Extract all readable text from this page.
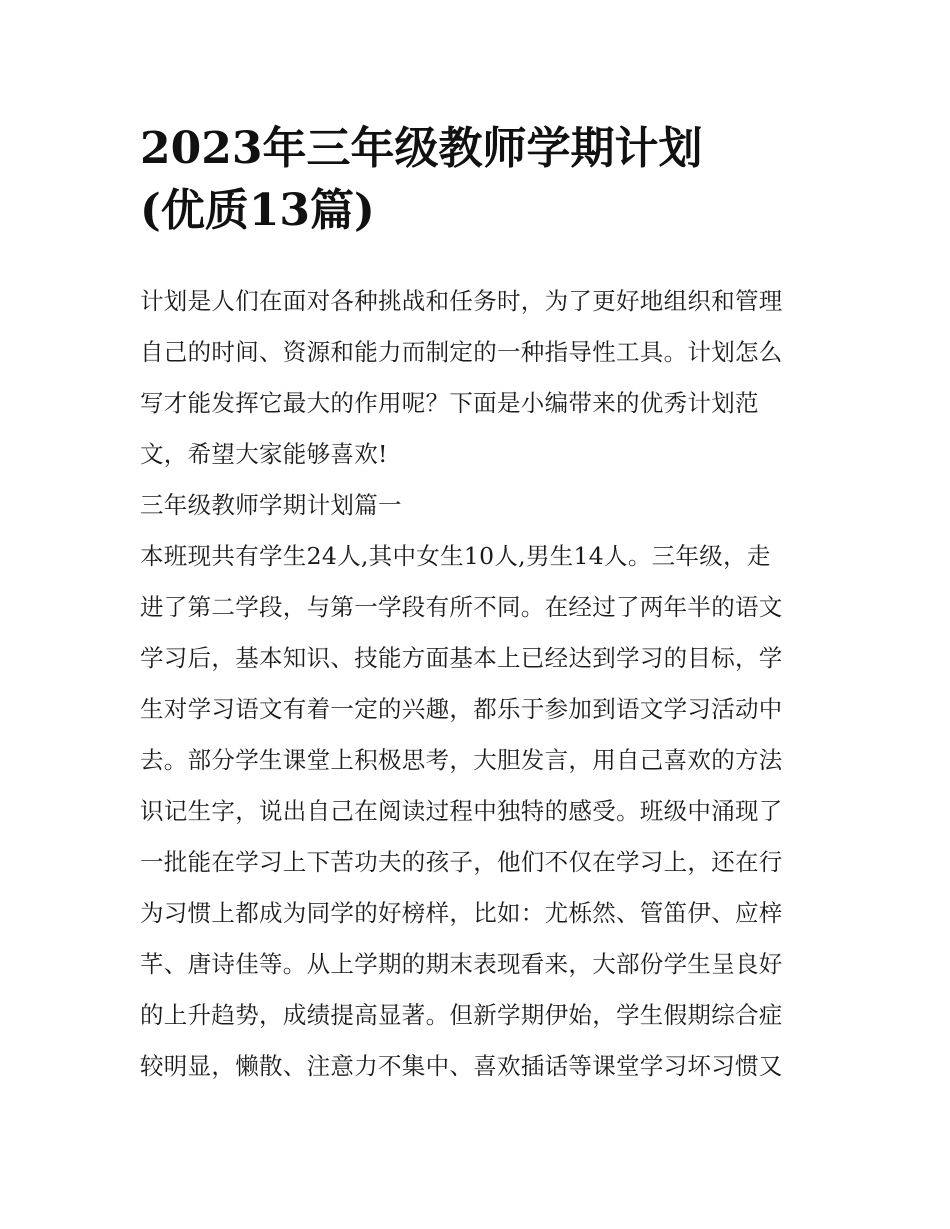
2023年三年级教师学期计划
(优质13篇)
计划是人们在面对各种挑战和任务时，为了更好地组织和管理
自己的时间、资源和能力而制定的一种指导性工具。计划怎么
写才能发挥它最大的作用呢？下面是小编带来的优秀计划范
文，希望大家能够喜欢!
三年级教师学期计划篇一
本班现共有学生24人,其中女生10人,男生14人。三年级，走
进了第二学段，与第一学段有所不同。在经过了两年半的语文
学习后，基本知识、技能方面基本上已经达到学习的目标，学
生对学习语文有着一定的兴趣，都乐于参加到语文学习活动中
去。部分学生课堂上积极思考，大胆发言，用自己喜欢的方法
识记生字，说出自己在阅读过程中独特的感受。班级中涌现了
一批能在学习上下苦功夫的孩子，他们不仅在学习上，还在行
为习惯上都成为同学的好榜样，比如：尤栎然、管笛伊、应梓
芊、唐诗佳等。从上学期的期末表现看来，大部份学生呈良好
的上升趋势，成绩提高显著。但新学期伊始，学生假期综合症
较明显，懒散、注意力不集中、喜欢插话等课堂学习坏习惯又
